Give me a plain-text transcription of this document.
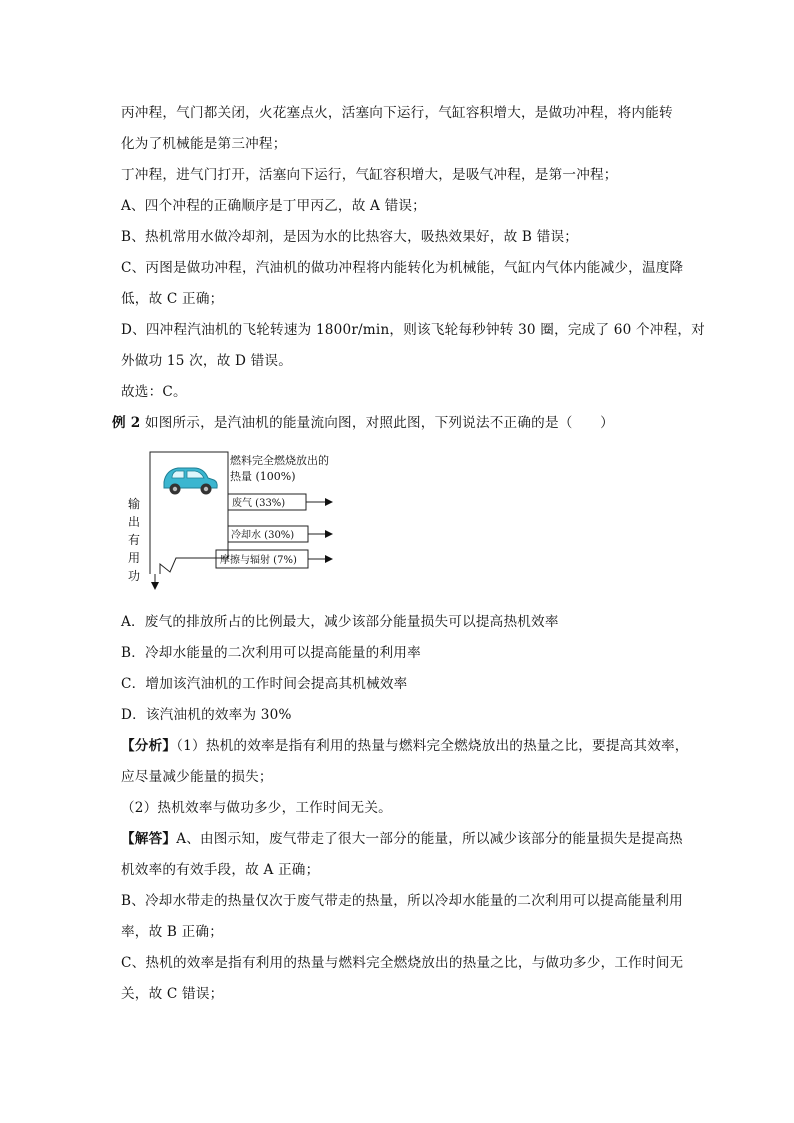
丙冲程，气门都关闭，火花塞点火，活塞向下运行，气缸容积增大，是做功冲程，将内能转
化为了机械能是第三冲程；
丁冲程，进气门打开，活塞向下运行，气缸容积增大，是吸气冲程，是第一冲程；
A、四个冲程的正确顺序是丁甲丙乙，故 A 错误；
B、热机常用水做冷却剂，是因为水的比热容大，吸热效果好，故 B 错误；
C、丙图是做功冲程，汽油机的做功冲程将内能转化为机械能，气缸内气体内能减少，温度降
低，故 C 正确；
D、四冲程汽油机的飞轮转速为 1800r/min，则该飞轮每秒钟转 30 圈，完成了 60 个冲程，对
外做功 15 次，故 D 错误。
故选：C。
例 2 如图所示，是汽油机的能量流向图，对照此图，下列说法不正确的是（　　）
燃料完全燃烧放出的
热量 (100%)
废气 (33%)
冷却水 (30%)
摩擦与辐射 (7%)
输
出
有
用
功
A．废气的排放所占的比例最大，减少该部分能量损失可以提高热机效率
B．冷却水能量的二次利用可以提高能量的利用率
C．增加该汽油机的工作时间会提高其机械效率
D．该汽油机的效率为 30%
【分析】（1）热机的效率是指有利用的热量与燃料完全燃烧放出的热量之比，要提高其效率，
应尽量减少能量的损失；
（2）热机效率与做功多少，工作时间无关。
【解答】A、由图示知，废气带走了很大一部分的能量，所以减少该部分的能量损失是提高热
机效率的有效手段，故 A 正确；
B、冷却水带走的热量仅次于废气带走的热量，所以冷却水能量的二次利用可以提高能量利用
率，故 B 正确；
C、热机的效率是指有利用的热量与燃料完全燃烧放出的热量之比，与做功多少，工作时间无
关，故 C 错误；
